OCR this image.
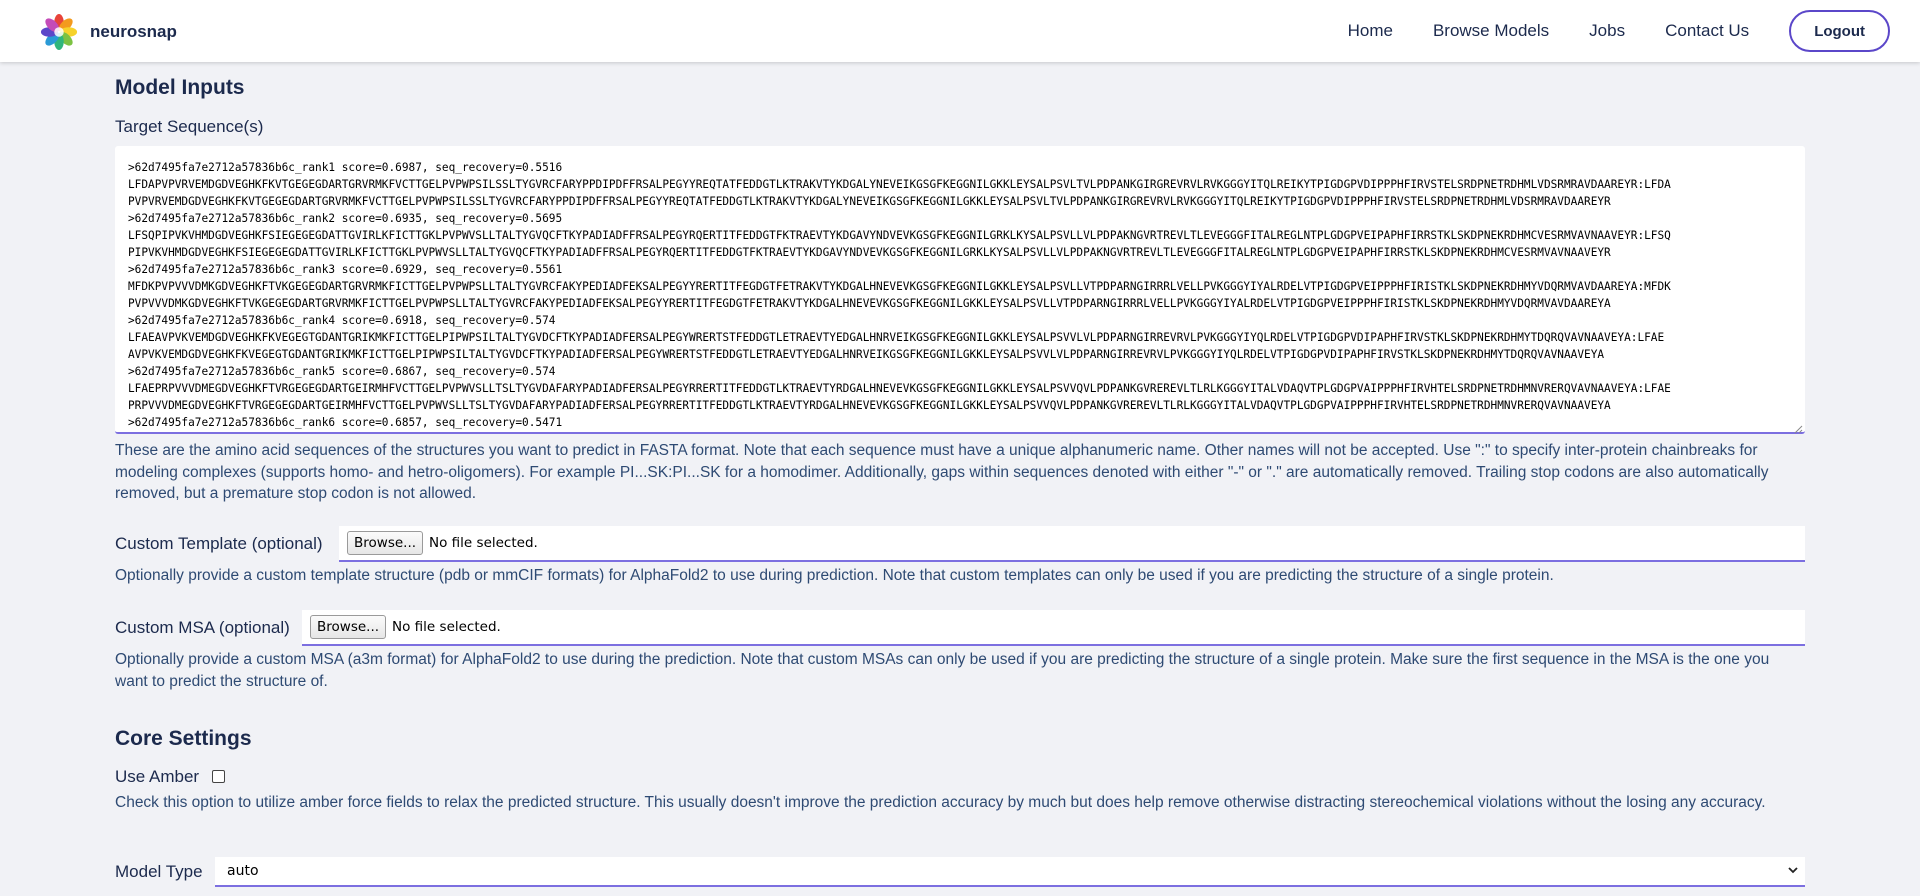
neurosnap	Home Browse Models Jobs Contact Us	Logout
Model Inputs
Target Sequence(s)
>62d7495fa7e2712a57836b6c_rank1 score=0.6987, seq_recovery=0.5516 LFDAPVPVRVEMDGDVEGHKFKVTGEGEGDARTGRVRMKFVCTTGELPVPWPSILSSLTYGVRCFARYPPDIPDFFRSALPEGYYREQTATFEDDGTLKTRAKVTYKDGALYNEVEIKGSGFKEGGNILGKKLEYSALPSVLTVLPDPANKGIRGREVRVLRVKGGGYITQLREIKYTPIGDGPVDIPPPHFIRVSTELSRDPNETRDHMLVDSRMRAVDAAREYR:LFDA PVPVRVEMDGDVEGHKFKVTGEGEGDARTGRVRMKFVCTTGELPVPWPSILSSLTYGVRCFARYPPDIPDFFRSALPEGYYREQTATFEDDGTLKTRAKVTYKDGALYNEVEIKGSGFKEGGNILGKKLEYSALPSVLTVLPDPANKGIRGREVRVLRVKGGGYITQLREIKYTPIGDGPVDIPPPHFIRVSTELSRDPNETRDHMLVDSRMRAVDAAREYR >62d7495fa7e2712a57836b6c_rank2 score=0.6935, seq_recovery=0.5695 LFSQPIPVKVHMDGDVEGHKFSIEGEGEGDATTGVIRLKFICTTGKLPVPWVSLLTALTYGVQCFTKYPADIADFFRSALPEGYRQERTITFEDDGTFKTRAEVTYKDGAVYNDVEVKGSGFKEGGNILGRKLKYSALPSVLLVLPDPAKNGVRTREVLTLEVEGGGFITALREGLNTPLGDGPVEIPAPHFIRRSTKLSKDPNEKRDHMCVESRMVAVNAAVEYR:LFSQ PIPVKVHMDGDVEGHKFSIEGEGEGDATTGVIRLKFICTTGKLPVPWVSLLTALTYGVQCFTKYPADIADFFRSALPEGYRQERTITFEDDGTFKTRAEVTYKDGAVYNDVEVKGSGFKEGGNILGRKLKYSALPSVLLVLPDPAKNGVRTREVLTLEVEGGGFITALREGLNTPLGDGPVEIPAPHFIRRSTKLSKDPNEKRDHMCVESRMVAVNAAVEYR >62d7495fa7e2712a57836b6c_rank3 score=0.6929, seq_recovery=0.5561 MFDKPVPVVVDMKGDVEGHKFTVKGEGEGDARTGRVRMKFICTTGELPVPWPSLLTALTYGVRCFAKYPEDIADFEKSALPEGYYRERTITFEGDGTFETRAKVTYKDGALHNEVEVKGSGFKEGGNILGKKLEYSALPSVLLVTPDPARNGIRRRLVELLPVKGGGYIYALRDELVTPIGDGPVEIPPPHFIRISTKLSKDPNEKRDHMYVDQRMVAVDAAREYA:MFDK PVPVVVDMKGDVEGHKFTVKGEGEGDARTGRVRMKFICTTGELPVPWPSLLTALTYGVRCFAKYPEDIADFEKSALPEGYYRERTITFEGDGTFETRAKVTYKDGALHNEVEVKGSGFKEGGNILGKKLEYSALPSVLLVTPDPARNGIRRRLVELLPVKGGGYIYALRDELVTPIGDGPVEIPPPHFIRISTKLSKDPNEKRDHMYVDQRMVAVDAAREYA >62d7495fa7e2712a57836b6c_rank4 score=0.6918, seq_recovery=0.574 LFAEAVPVKVEMDGDVEGHKFKVEGEGTGDANTGRIKMKFICTTGELPIPWPSILTALTYGVDCFTKYPADIADFERSALPEGYWRERTSTFEDDGTLETRAEVTYEDGALHNRVEIKGSGFKEGGNILGKKLEYSALPSVVLVLPDPARNGIRREVRVLPVKGGGYIYQLRDELVTPIGDGPVDIPAPHFIRVSTKLSKDPNEKRDHMYTDQRQVAVNAAVEYA:LFAE AVPVKVEMDGDVEGHKFKVEGEGTGDANTGRIKMKFICTTGELPIPWPSILTALTYGVDCFTKYPADIADFERSALPEGYWRERTSTFEDDGTLETRAEVTYEDGALHNRVEIKGSGFKEGGNILGKKLEYSALPSVVLVLPDPARNGIRREVRVLPVKGGGYIYQLRDELVTPIGDGPVDIPAPHFIRVSTKLSKDPNEKRDHMYTDQRQVAVNAAVEYA >62d7495fa7e2712a57836b6c_rank5 score=0.6867, seq_recovery=0.574 LFAEPRPVVVDMEGDVEGHKFTVRGEGEGDARTGEIRMHFVCTTGELPVPWVSLLTSLTYGVDAFARYPADIADFERSALPEGYRRERTITFEDDGTLKTRAEVTYRDGALHNEVEVKGSGFKEGGNILGKKLEYSALPSVVQVLPDPANKGVREREVLTLRLKGGGYITALVDAQVTPLGDGPVAIPPPHFIRVHTELSRDPNETRDHMNVRERQVAVNAAVEYA:LFAE PRPVVVDMEGDVEGHKFTVRGEGEGDARTGEIRMHFVCTTGELPVPWVSLLTSLTYGVDAFARYPADIADFERSALPEGYRRERTITFEDDGTLKTRAEVTYRDGALHNEVEVKGSGFKEGGNILGKKLEYSALPSVVQVLPDPANKGVREREVLTLRLKGGGYITALVDAQVTPLGDGPVAIPPPHFIRVHTELSRDPNETRDHMNVRERQVAVNAAVEYA >62d7495fa7e2712a57836b6c_rank6 score=0.6857, seq_recovery=0.5471

These are the amino acid sequences of the structures you want to predict in FASTA format. Note that each sequence must have a unique alphanumeric name. Other names will not be accepted. Use ":" to specify inter-protein chainbreaks for modeling complexes (supports homo- and hetro-oligomers). For example PI...SK:PI...SK for a homodimer. Additionally, gaps within sequences denoted with either "-" or "." are automatically removed. Trailing stop codons are also automatically removed, but a premature stop codon is not allowed.

Custom Template (optional)	Browse... No file selected.

Optionally provide a custom template structure (pdb or mmCIF formats) for AlphaFold2 to use during prediction. Note that custom templates can only be used if you are predicting the structure of a single protein.

Custom MSA (optional)	Browse... No file selected.

Optionally provide a custom MSA (a3m format) for AlphaFold2 to use during the prediction. Note that custom MSAs can only be used if you are predicting the structure of a single protein. Make sure the first sequence in the MSA is the one you want to predict the structure of.

Core Settings
Use Amber

Check this option to utilize amber force fields to relax the predicted structure. This usually doesn't improve the prediction accuracy by much but does help remove otherwise distracting stereochemical violations without the losing any accuracy.

Model Type auto
